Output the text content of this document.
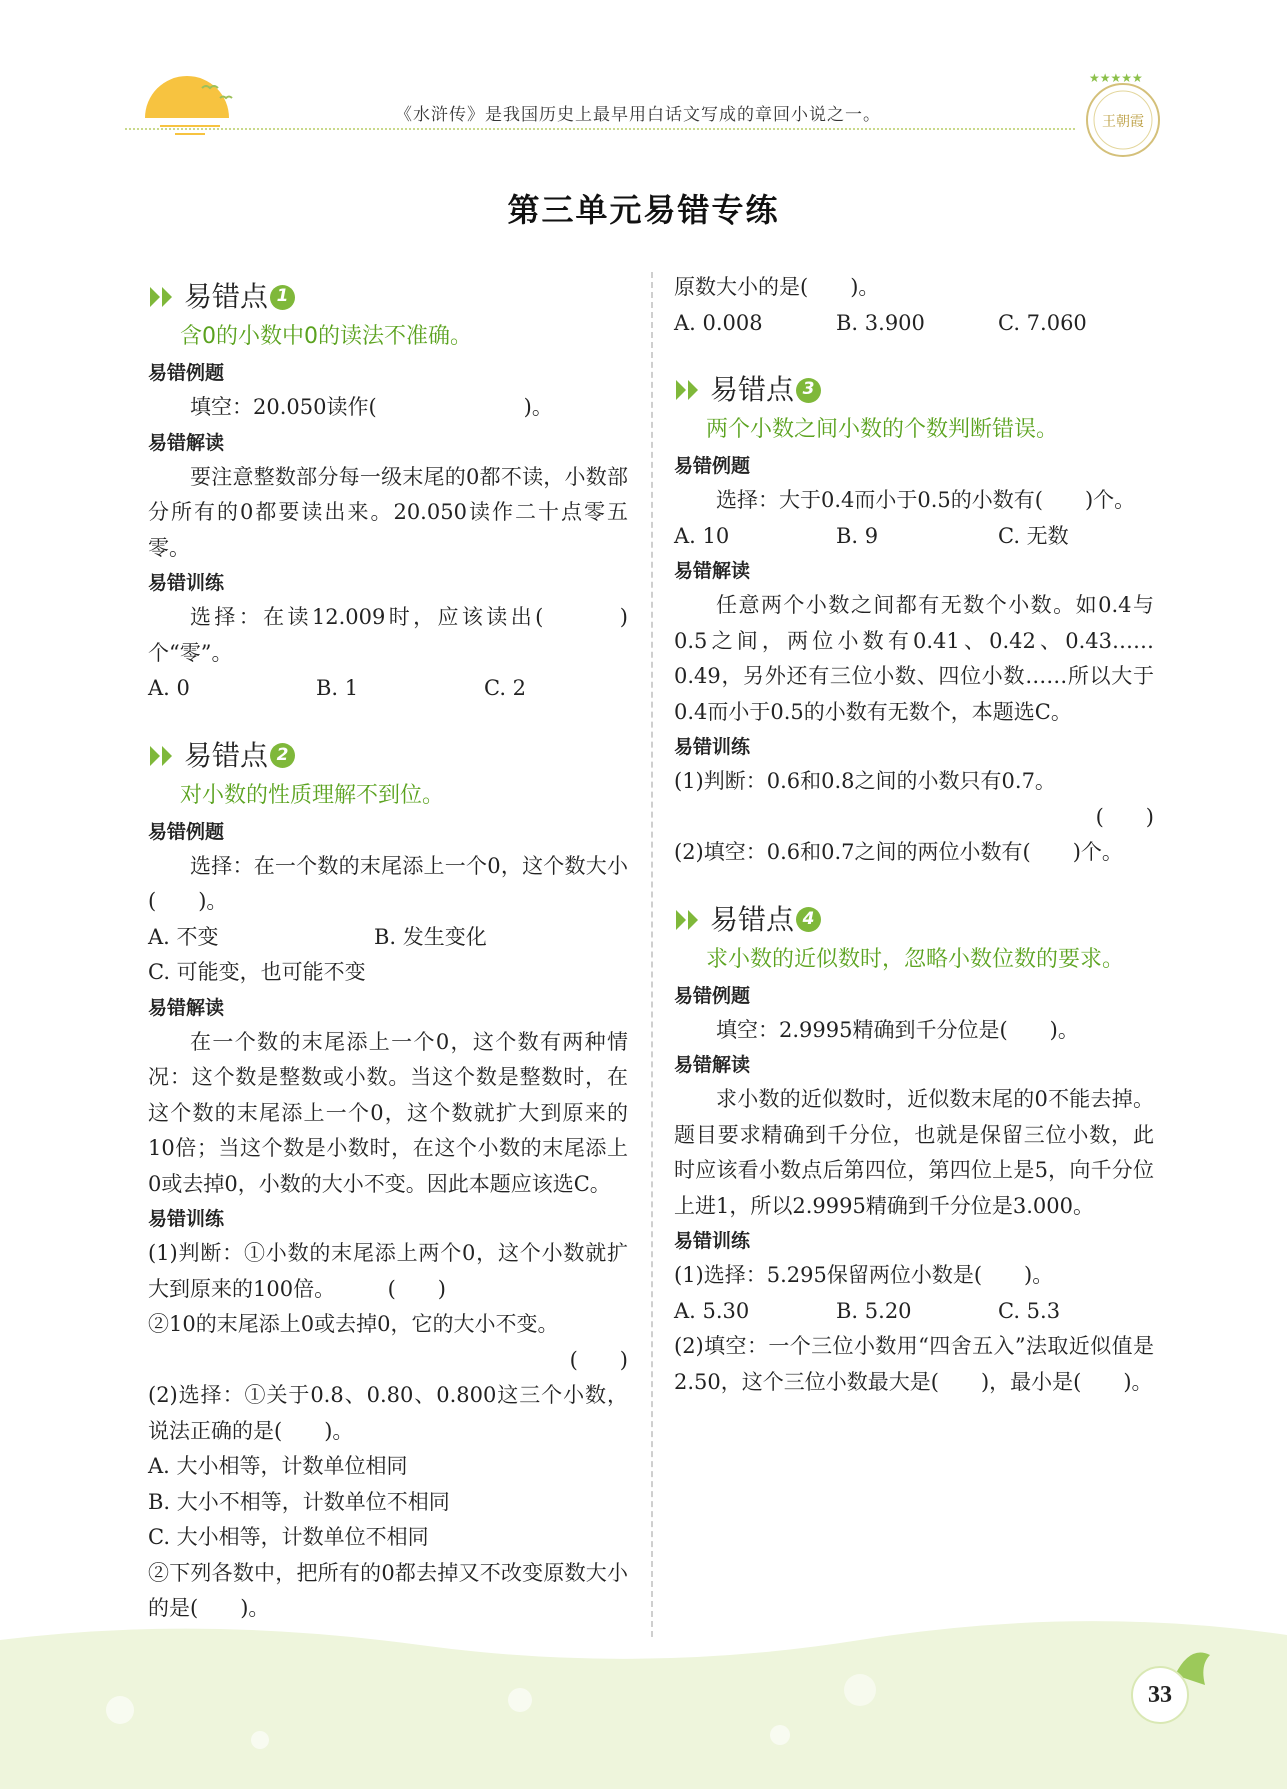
《水浒传》是我国历史上最早用白话文写成的章回小说之一。
★★★★★
王朝霞
第三单元易错专练
易错点 1
含0的小数中0的读法不准确。
易错例题
填空：20.050读作(　　　　　　　)。
易错解读
要注意整数部分每一级末尾的0都不读，小数部分所有的0都要读出来。20.050读作二十点零五零。
易错训练
选择：在读12.009时，应该读出(　　　)个“零”。
A. 0	B. 1	C. 2
易错点 2
对小数的性质理解不到位。
易错例题
选择：在一个数的末尾添上一个0，这个数大小(　　)。
A. 不变	B. 发生变化
C. 可能变，也可能不变
易错解读
在一个数的末尾添上一个0，这个数有两种情况：这个数是整数或小数。当这个数是整数时，在这个数的末尾添上一个0，这个数就扩大到原来的10倍；当这个数是小数时，在这个小数的末尾添上0或去掉0，小数的大小不变。因此本题应该选C。
易错训练
(1)判断：①小数的末尾添上两个0，这个小数就扩大到原来的100倍。　　　(　　)
②10的末尾添上0或去掉0，它的大小不变。
(　　)
(2)选择：①关于0.8、0.80、0.800这三个小数，说法正确的是(　　)。
A. 大小相等，计数单位相同
B. 大小不相等，计数单位不相同
C. 大小相等，计数单位不相同
②下列各数中，把所有的0都去掉又不改变原数大小的是(　　)。
原数大小的是(　　)。
A. 0.008	B. 3.900	C. 7.060
易错点 3
两个小数之间小数的个数判断错误。
易错例题
选择：大于0.4而小于0.5的小数有(　　)个。
A. 10	B. 9	C. 无数
易错解读
任意两个小数之间都有无数个小数。如0.4与0.5之间，两位小数有0.41、0.42、0.43……0.49，另外还有三位小数、四位小数……所以大于0.4而小于0.5的小数有无数个，本题选C。
易错训练
(1)判断：0.6和0.8之间的小数只有0.7。
(　　)
(2)填空：0.6和0.7之间的两位小数有(　　)个。
易错点 4
求小数的近似数时，忽略小数位数的要求。
易错例题
填空：2.9995精确到千分位是(　　)。
易错解读
求小数的近似数时，近似数末尾的0不能去掉。题目要求精确到千分位，也就是保留三位小数，此时应该看小数点后第四位，第四位上是5，向千分位上进1，所以2.9995精确到千分位是3.000。
易错训练
(1)选择：5.295保留两位小数是(　　)。
A. 5.30	B. 5.20	C. 5.3
(2)填空：一个三位小数用“四舍五入”法取近似值是2.50，这个三位小数最大是(　　)，最小是(　　)。
33
